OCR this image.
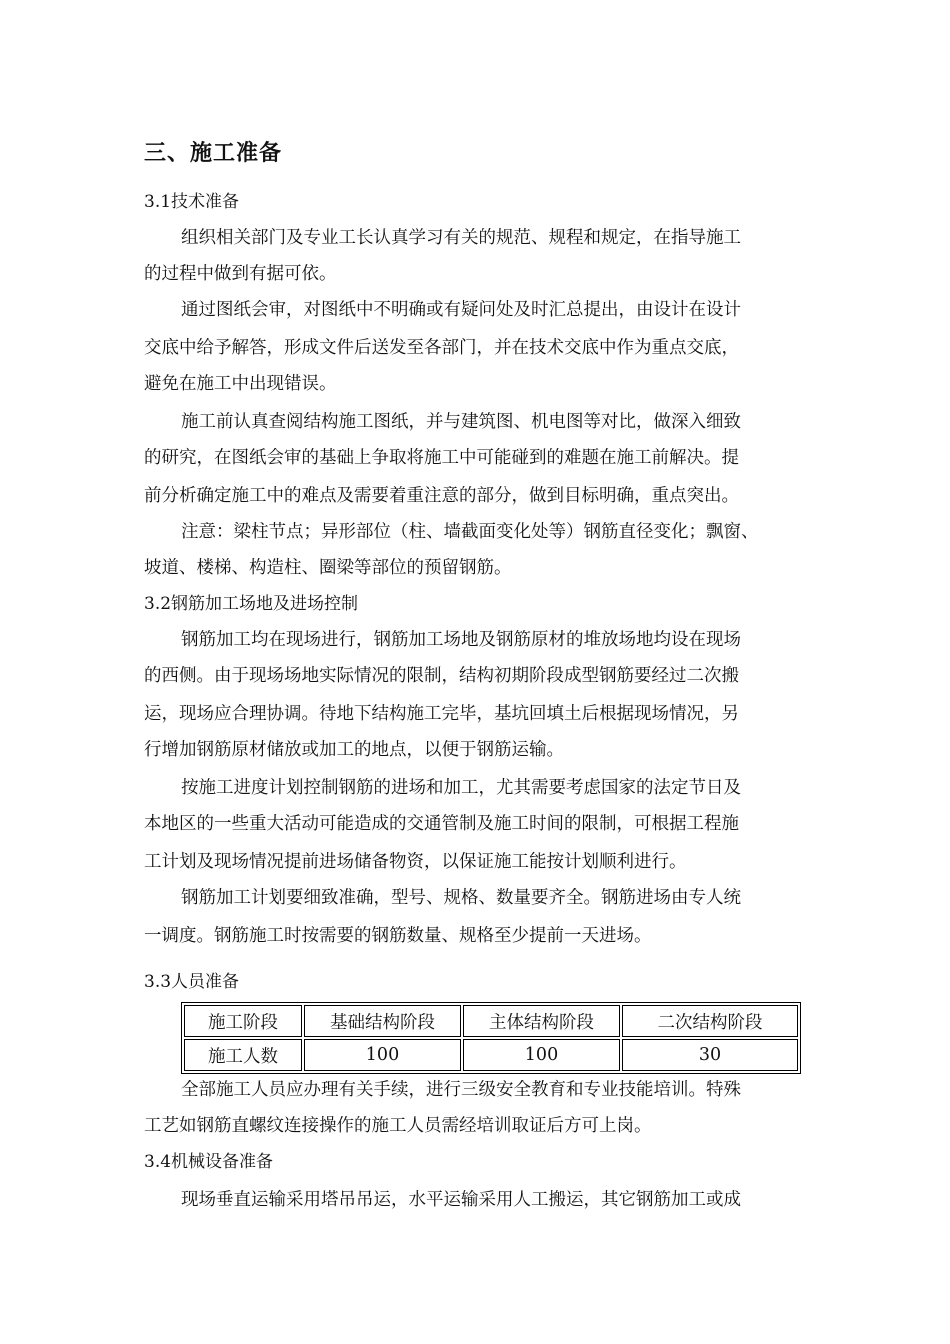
三、施工准备
3.1技术准备
组织相关部门及专业工长认真学习有关的规范、规程和规定，在指导施工
的过程中做到有据可依。
通过图纸会审，对图纸中不明确或有疑问处及时汇总提出，由设计在设计
交底中给予解答，形成文件后送发至各部门，并在技术交底中作为重点交底，
避免在施工中出现错误。
施工前认真查阅结构施工图纸，并与建筑图、机电图等对比，做深入细致
的研究，在图纸会审的基础上争取将施工中可能碰到的难题在施工前解决。提
前分析确定施工中的难点及需要着重注意的部分，做到目标明确，重点突出。
注意：梁柱节点；异形部位（柱、墙截面变化处等）钢筋直径变化；飘窗、
坡道、楼梯、构造柱、圈梁等部位的预留钢筋。
3.2钢筋加工场地及进场控制
钢筋加工均在现场进行，钢筋加工场地及钢筋原材的堆放场地均设在现场
的西侧。由于现场场地实际情况的限制，结构初期阶段成型钢筋要经过二次搬
运，现场应合理协调。待地下结构施工完毕，基坑回填土后根据现场情况，另
行增加钢筋原材储放或加工的地点，以便于钢筋运输。
按施工进度计划控制钢筋的进场和加工，尤其需要考虑国家的法定节日及
本地区的一些重大活动可能造成的交通管制及施工时间的限制，可根据工程施
工计划及现场情况提前进场储备物资，以保证施工能按计划顺利进行。
钢筋加工计划要细致准确，型号、规格、数量要齐全。钢筋进场由专人统
一调度。钢筋施工时按需要的钢筋数量、规格至少提前一天进场。
3.3人员准备
施工阶段	基础结构阶段	主体结构阶段	二次结构阶段
施工人数	100	100	30
全部施工人员应办理有关手续，进行三级安全教育和专业技能培训。特殊
工艺如钢筋直螺纹连接操作的施工人员需经培训取证后方可上岗。
3.4机械设备准备
现场垂直运输采用塔吊吊运，水平运输采用人工搬运，其它钢筋加工或成
